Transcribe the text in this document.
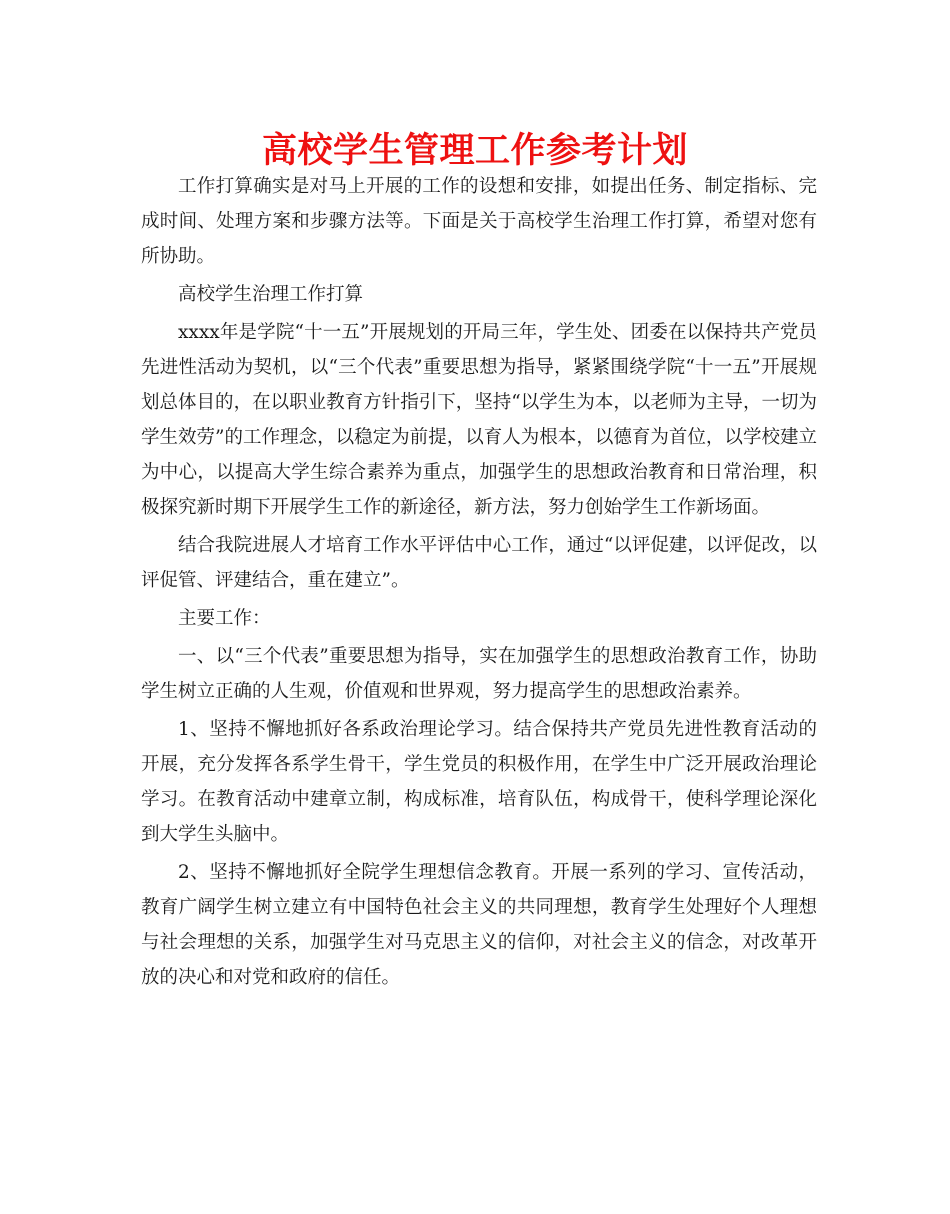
高校学生管理工作参考计划

工作打算确实是对马上开展的工作的设想和安排，如提出任务、制定指标、完成时间、处理方案和步骤方法等。下面是关于高校学生治理工作打算，希望对您有所协助。

高校学生治理工作打算

xxxx年是学院“十一五”开展规划的开局三年，学生处、团委在以保持共产党员先进性活动为契机，以“三个代表”重要思想为指导，紧紧围绕学院“十一五”开展规划总体目的，在以职业教育方针指引下，坚持“以学生为本，以老师为主导，一切为学生效劳”的工作理念，以稳定为前提，以育人为根本，以德育为首位，以学校建立为中心，以提高大学生综合素养为重点，加强学生的思想政治教育和日常治理，积极探究新时期下开展学生工作的新途径，新方法，努力创始学生工作新场面。

结合我院进展人才培育工作水平评估中心工作，通过“以评促建，以评促改，以评促管、评建结合，重在建立”。

主要工作：

一、以“三个代表”重要思想为指导，实在加强学生的思想政治教育工作，协助学生树立正确的人生观，价值观和世界观，努力提高学生的思想政治素养。

1、坚持不懈地抓好各系政治理论学习。结合保持共产党员先进性教育活动的开展，充分发挥各系学生骨干，学生党员的积极作用，在学生中广泛开展政治理论学习。在教育活动中建章立制，构成标准，培育队伍，构成骨干，使科学理论深化到大学生头脑中。

2、坚持不懈地抓好全院学生理想信念教育。开展一系列的学习、宣传活动，教育广阔学生树立建立有中国特色社会主义的共同理想，教育学生处理好个人理想与社会理想的关系，加强学生对马克思主义的信仰，对社会主义的信念，对改革开放的决心和对党和政府的信任。
